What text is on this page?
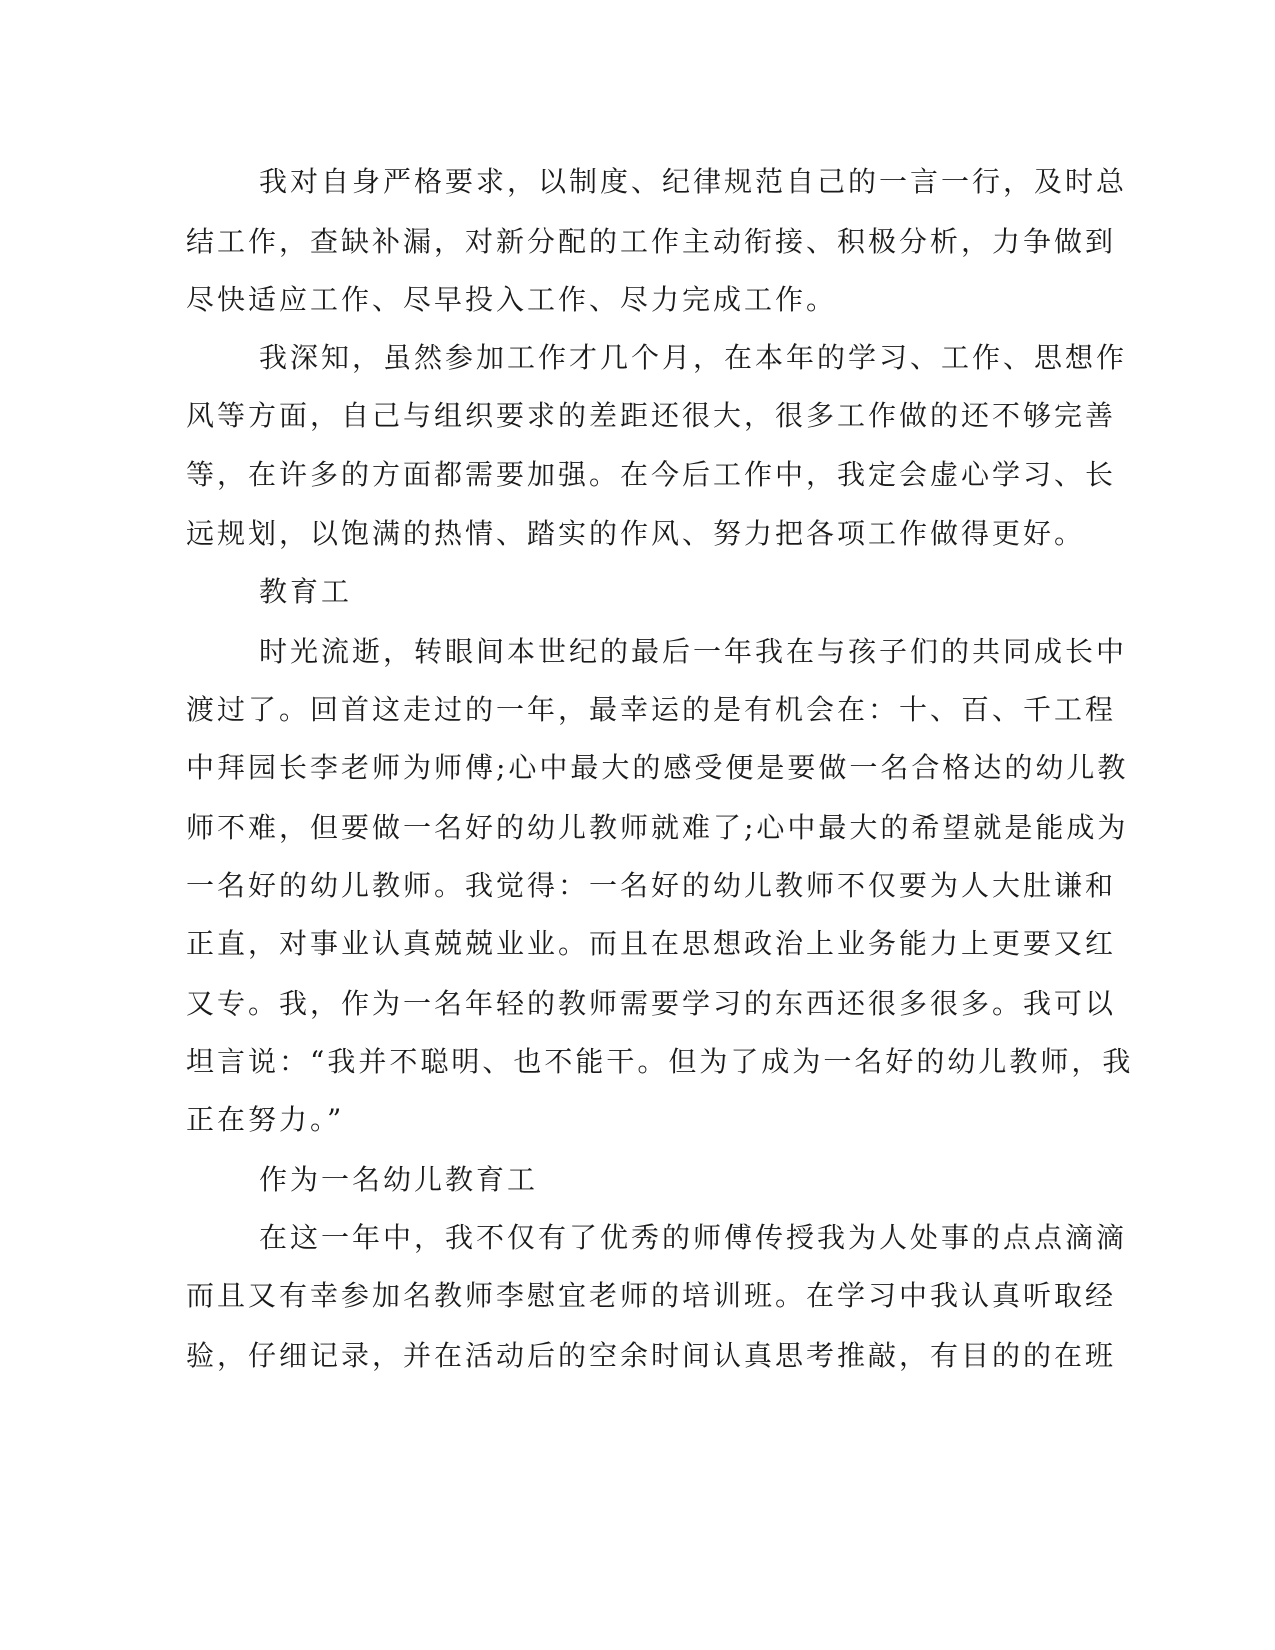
我对自身严格要求，以制度、纪律规范自己的一言一行，及时总

结工作，查缺补漏，对新分配的工作主动衔接、积极分析，力争做到

尽快适应工作、尽早投入工作、尽力完成工作。

我深知，虽然参加工作才几个月，在本年的学习、工作、思想作

风等方面，自己与组织要求的差距还很大，很多工作做的还不够完善

等，在许多的方面都需要加强。在今后工作中，我定会虚心学习、长

远规划，以饱满的热情、踏实的作风、努力把各项工作做得更好。

教育工

时光流逝，转眼间本世纪的最后一年我在与孩子们的共同成长中

渡过了。回首这走过的一年，最幸运的是有机会在：十、百、千工程

中拜园长李老师为师傅;心中最大的感受便是要做一名合格达的幼儿教

师不难，但要做一名好的幼儿教师就难了;心中最大的希望就是能成为

一名好的幼儿教师。我觉得：一名好的幼儿教师不仅要为人大肚谦和

正直，对事业认真兢兢业业。而且在思想政治上业务能力上更要又红

又专。我，作为一名年轻的教师需要学习的东西还很多很多。我可以

坦言说：“我并不聪明、也不能干。但为了成为一名好的幼儿教师，我

正在努力。”

作为一名幼儿教育工

在这一年中，我不仅有了优秀的师傅传授我为人处事的点点滴滴

而且又有幸参加名教师李慰宜老师的培训班。在学习中我认真听取经

验，仔细记录，并在活动后的空余时间认真思考推敲，有目的的在班
